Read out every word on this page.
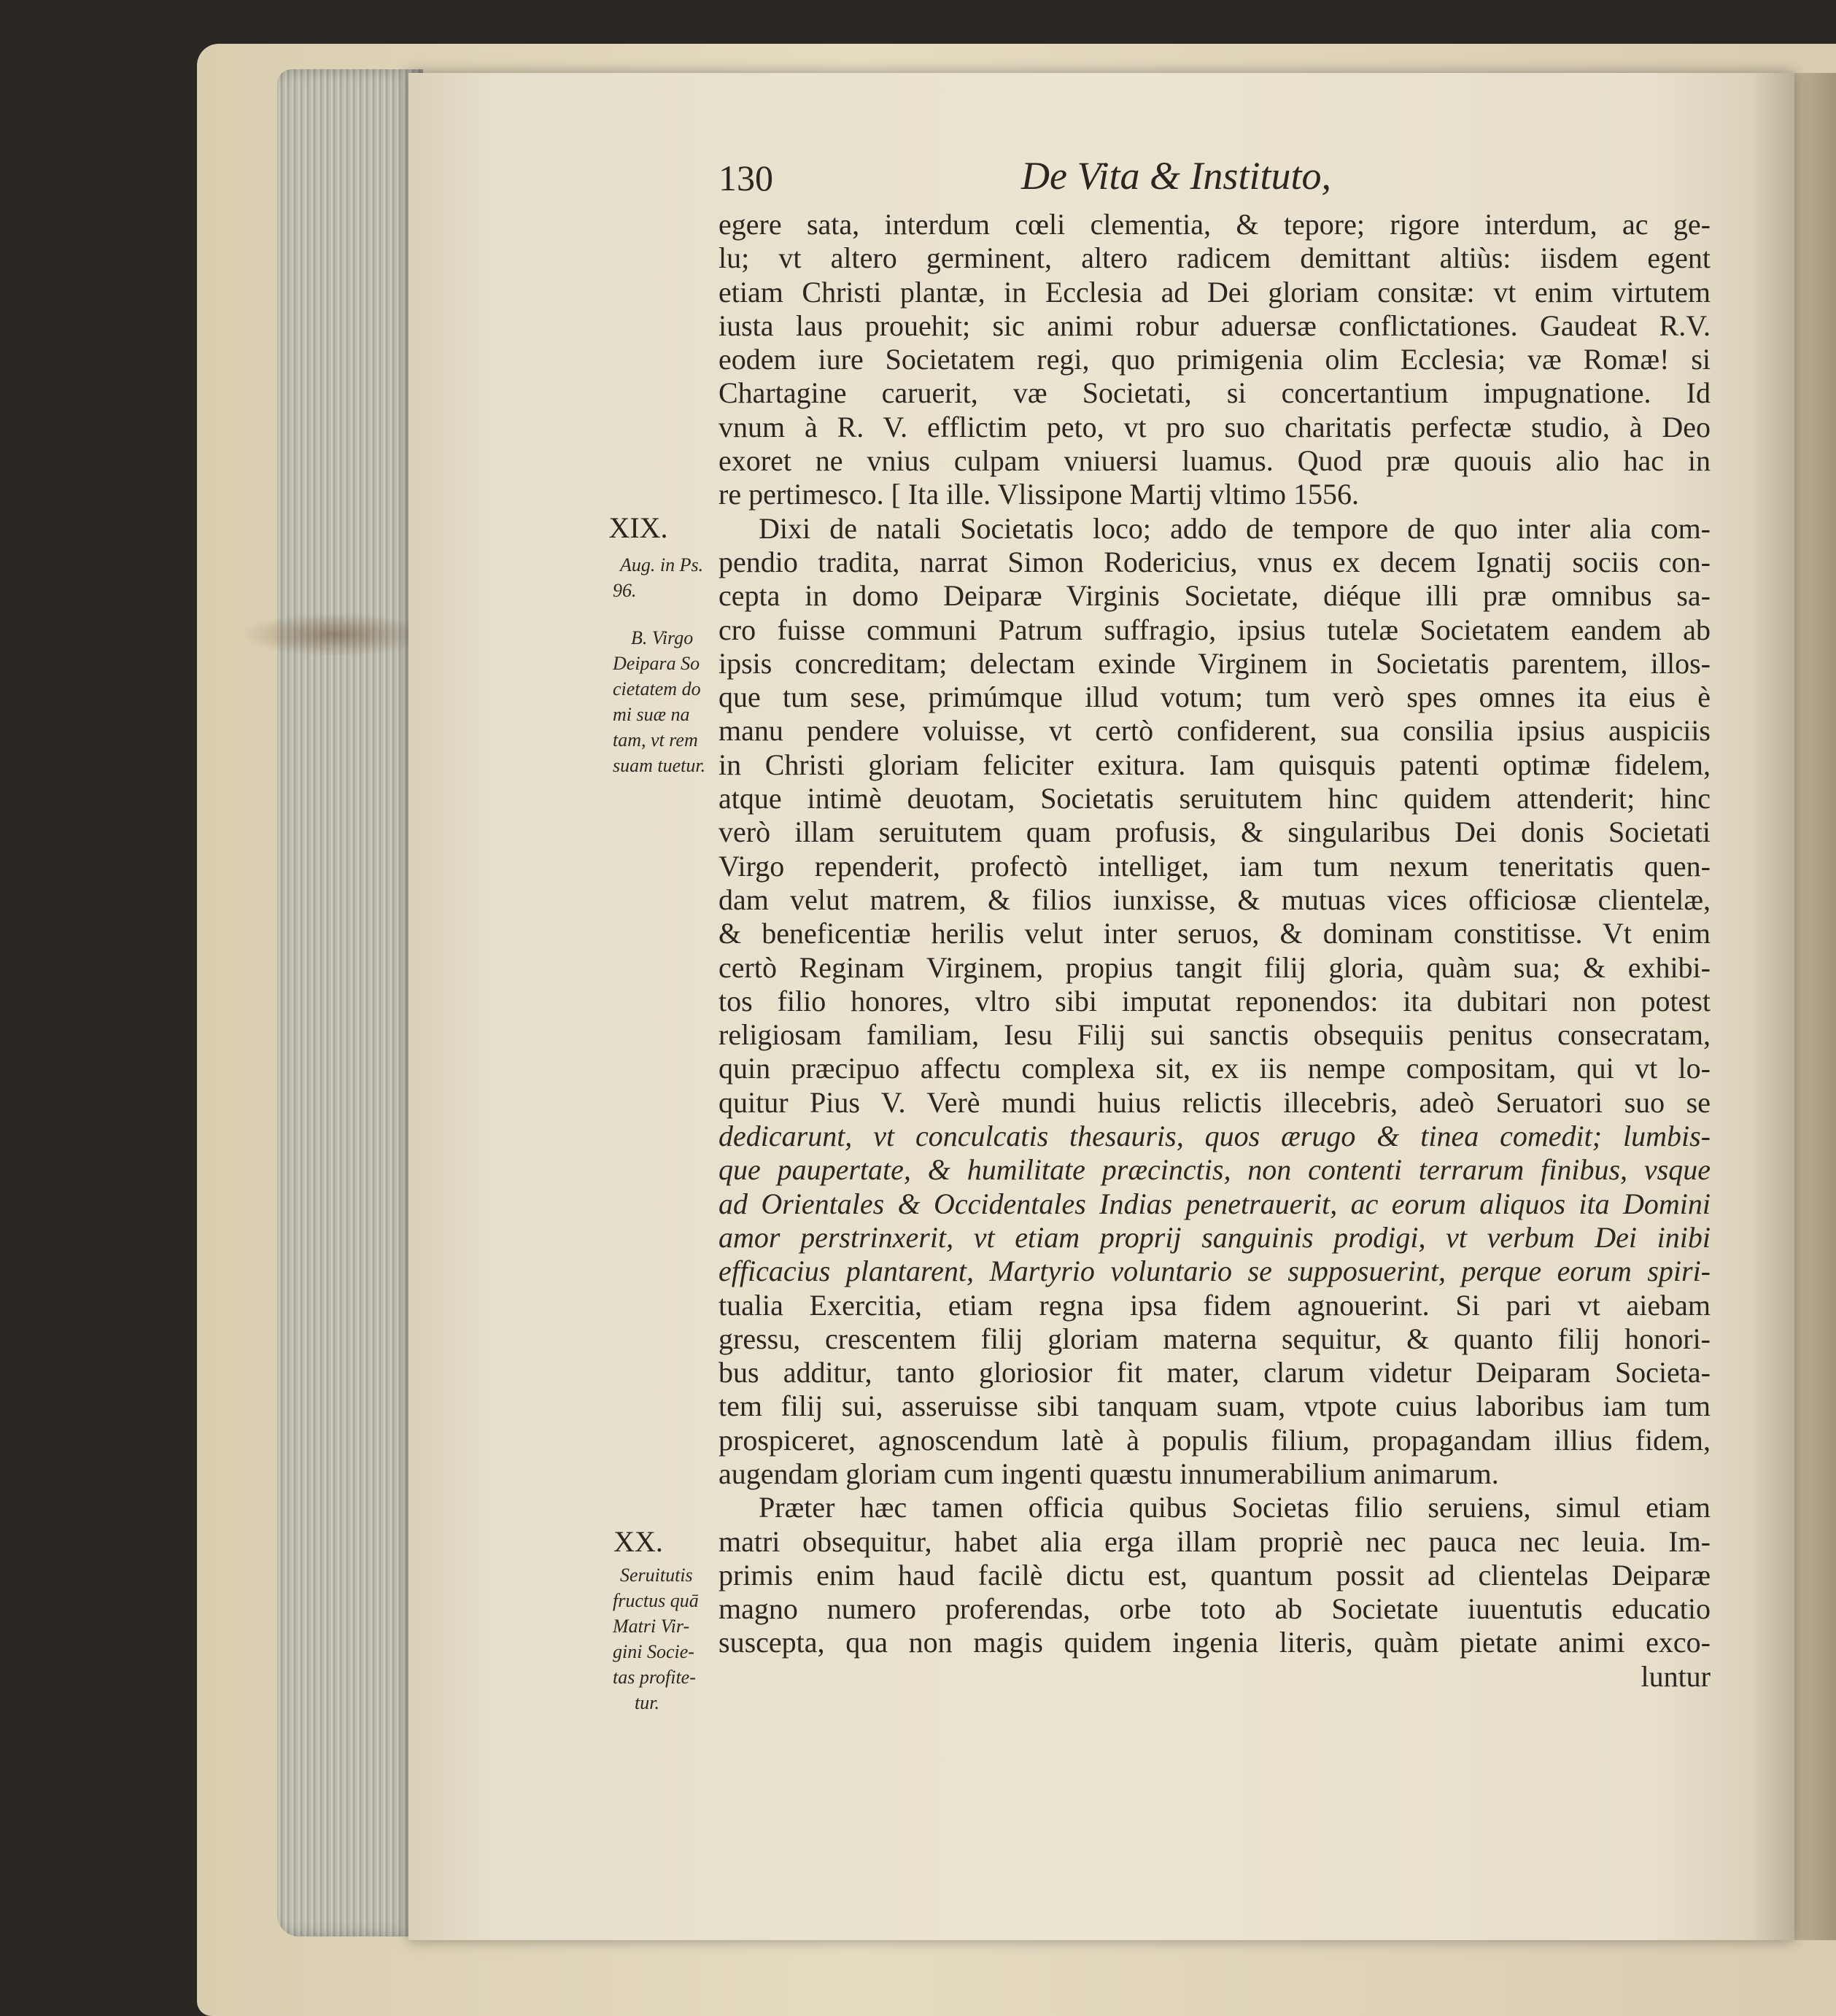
130	De Vita & Instituto,
XIX.
Aug. in Ps.
96.
B. Virgo
Deipara So
cietatem do
mi suæ na
tam, vt rem
suam tuetur.
XX.
Seruitutis
fructus quā
Matri Vir-
gini Socie-
tas profite-
tur.
egere sata, interdum cœli clementia, & tepore; rigore interdum, ac ge-
lu; vt altero germinent, altero radicem demittant altiùs: iisdem egent
etiam Christi plantæ, in Ecclesia ad Dei gloriam consitæ: vt enim virtutem
iusta laus prouehit; sic animi robur aduersæ conflictationes. Gaudeat R.V.
eodem iure Societatem regi, quo primigenia olim Ecclesia; væ Romæ! si
Chartagine caruerit, væ Societati, si concertantium impugnatione. Id
vnum à R. V. efflictim peto, vt pro suo charitatis perfectæ studio, à Deo
exoret ne vnius culpam vniuersi luamus. Quod præ quouis alio hac in
re pertimesco. [ Ita ille. Vlissipone Martij vltimo 1556.
Dixi de natali Societatis loco; addo de tempore de quo inter alia com-
pendio tradita, narrat Simon Rodericius, vnus ex decem Ignatij sociis con-
cepta in domo Deiparæ Virginis Societate, diéque illi præ omnibus sa-
cro fuisse communi Patrum suffragio, ipsius tutelæ Societatem eandem ab
ipsis concreditam; delectam exinde Virginem in Societatis parentem, illos-
que tum sese, primúmque illud votum; tum verò spes omnes ita eius è
manu pendere voluisse, vt certò confiderent, sua consilia ipsius auspiciis
in Christi gloriam feliciter exitura. Iam quisquis patenti optimæ fidelem,
atque intimè deuotam, Societatis seruitutem hinc quidem attenderit; hinc
verò illam seruitutem quam profusis, & singularibus Dei donis Societati
Virgo rependerit, profectò intelliget, iam tum nexum teneritatis quen-
dam velut matrem, & filios iunxisse, & mutuas vices officiosæ clientelæ,
& beneficentiæ herilis velut inter seruos, & dominam constitisse. Vt enim
certò Reginam Virginem, propius tangit filij gloria, quàm sua; & exhibi-
tos filio honores, vltro sibi imputat reponendos: ita dubitari non potest
religiosam familiam, Iesu Filij sui sanctis obsequiis penitus consecratam,
quin præcipuo affectu complexa sit, ex iis nempe compositam, qui vt lo-
quitur Pius V. Verè mundi huius relictis illecebris, adeò Seruatori suo se
dedicarunt, vt conculcatis thesauris, quos ærugo & tinea comedit; lumbis-
que paupertate, & humilitate præcinctis, non contenti terrarum finibus, vsque
ad Orientales & Occidentales Indias penetrauerit, ac eorum aliquos ita Domini
amor perstrinxerit, vt etiam proprij sanguinis prodigi, vt verbum Dei inibi
efficacius plantarent, Martyrio voluntario se supposuerint, perque eorum spiri-
tualia Exercitia, etiam regna ipsa fidem agnouerint. Si pari vt aiebam
gressu, crescentem filij gloriam materna sequitur, & quanto filij honori-
bus additur, tanto gloriosior fit mater, clarum videtur Deiparam Societa-
tem filij sui, asseruisse sibi tanquam suam, vtpote cuius laboribus iam tum
prospiceret, agnoscendum latè à populis filium, propagandam illius fidem,
augendam gloriam cum ingenti quæstu innumerabilium animarum.
Præter hæc tamen officia quibus Societas filio seruiens, simul etiam
matri obsequitur, habet alia erga illam propriè nec pauca nec leuia. Im-
primis enim haud facilè dictu est, quantum possit ad clientelas Deiparæ
magno numero proferendas, orbe toto ab Societate iuuentutis educatio
suscepta, qua non magis quidem ingenia literis, quàm pietate animi exco-
luntur
